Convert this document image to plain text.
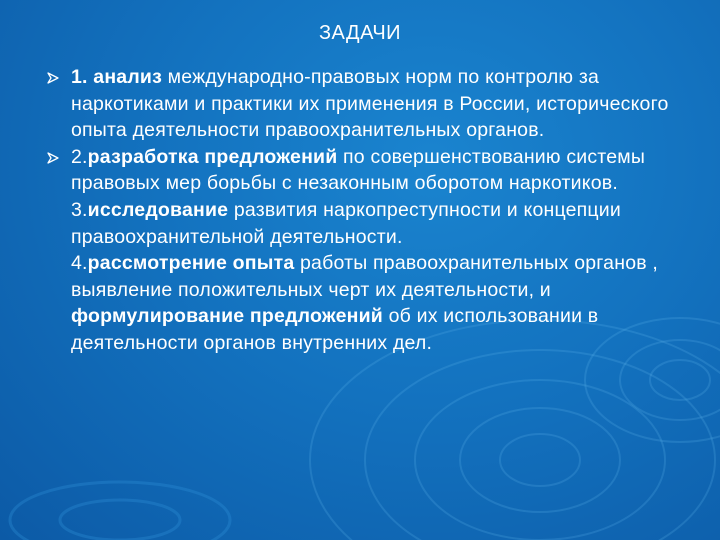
ЗАДАЧИ

1. анализ международно-правовых норм по контролю за наркотиками и практики их применения в России, исторического опыта деятельности правоохранительных органов.

2.разработка предложений по совершенствованию системы правовых мер борьбы с незаконным оборотом наркотиков.

3.исследование развития наркопреступности и концепции правоохранительной деятельности.

4.рассмотрение опыта работы правоохранительных органов , выявление положительных черт их деятельности, и формулирование предложений об их использовании в деятельности органов внутренних дел.
